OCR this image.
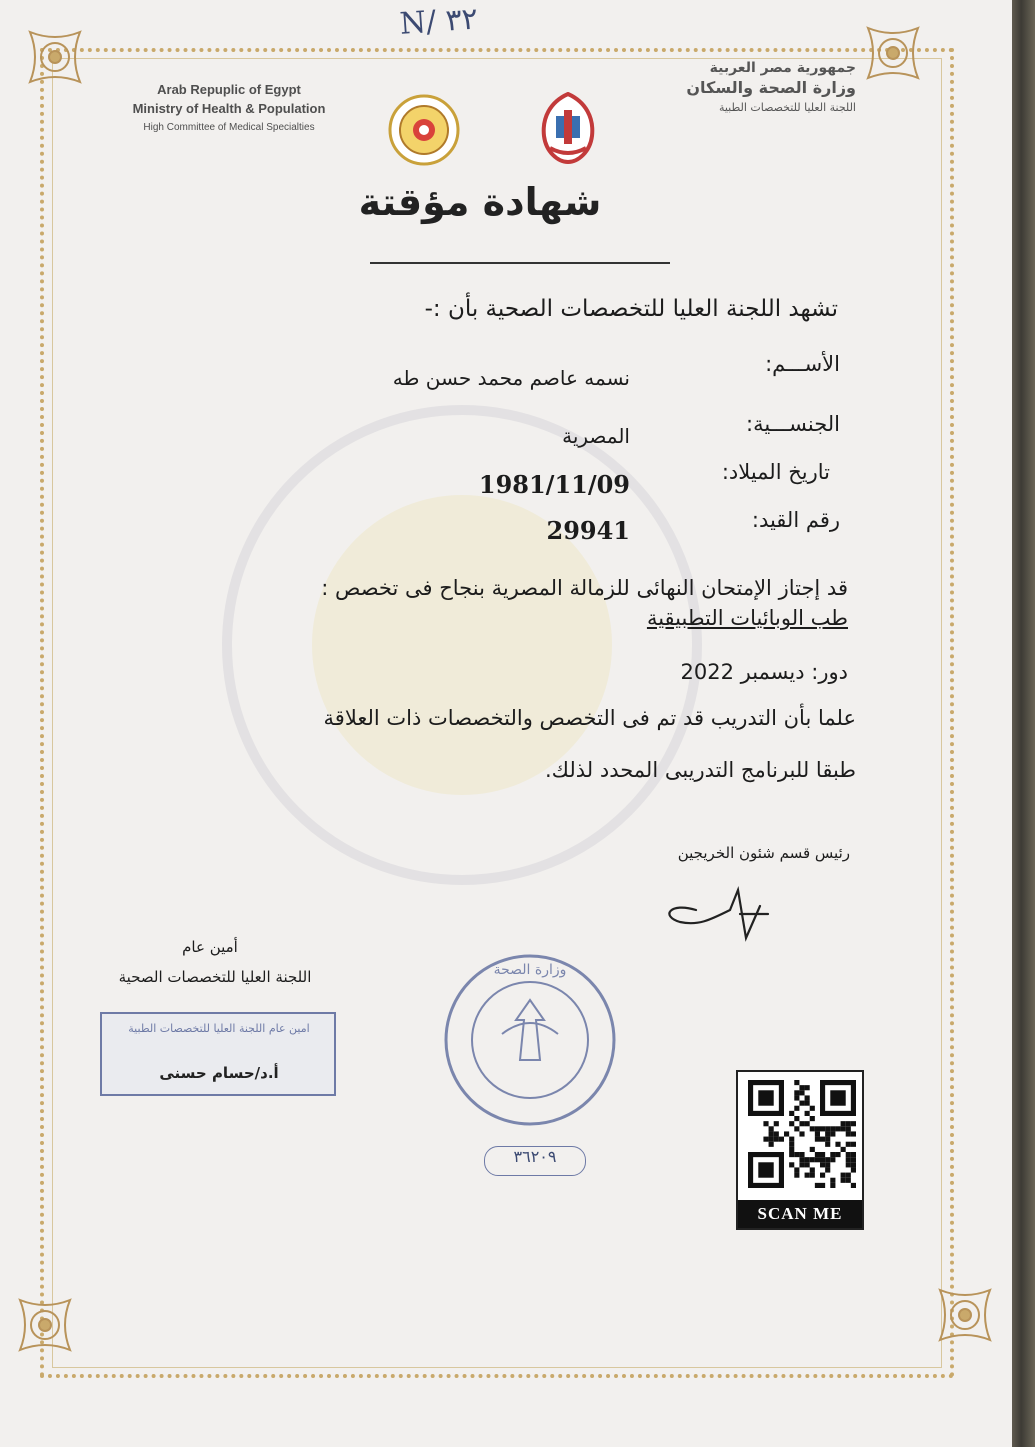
N/ ٣٢
Arab Repuplic of Egypt
Ministry of Health & Population
High Committee of Medical Specialties
جمهورية مصر العربية
وزارة الصحة والسكان
اللجنة العليا للتخصصات الطبية
شهادة مؤقتة
تشهد اللجنة العليا للتخصصات الصحية بأن :-
الأســـم:
نسمه عاصم محمد حسن طه
الجنســـية:
المصرية
تاريخ الميلاد:
1981/11/09
رقم القيد:
29941
قد إجتاز الإمتحان النهائى للزمالة المصرية بنجاح فى تخصص :
طب الوبائيات التطبيقية
دور: ديسمبر 2022
علما بأن التدريب قد تم فى التخصص والتخصصات ذات العلاقة
طبقا للبرنامج التدريبى المحدد لذلك.
رئيس قسم شئون الخريجين
أمين عام
اللجنة العليا للتخصصات الصحية
امين عام اللجنة العليا للتخصصات الطبية
أ.د/حسام حسنى
وزارة الصحة
٣٦٢٠٩
SCAN ME
